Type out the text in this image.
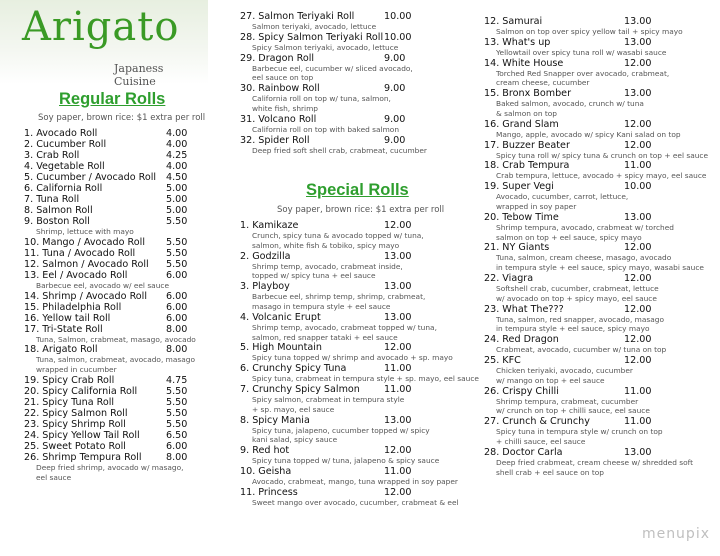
Arigato
Japaness Cuisine
Regular Rolls
Soy paper, brown rice: $1 extra per roll
Special Rolls
Soy paper, brown rice: $1 extra per roll
1. Avocado Roll	4.00
2. Cucumber Roll	4.00
3. Crab Roll	4.25
4. Vegetable Roll	4.00
5. Cucumber / Avocado Roll 4.50
6. California Roll	5.00
7. Tuna Roll	5.00
8. Salmon Roll	5.00
9. Boston Roll	5.50
Shrimp, lettuce with mayo
10. Mango / Avocado Roll 5.50
11. Tuna / Avocado Roll	5.50
12. Salmon / Avocado Roll 5.50
13. Eel / Avocado Roll	6.00
Barbecue eel, avocado w/ eel sauce
14. Shrimp / Avocado Roll 6.00
15. Philadelphia Roll	6.00
16. Yellow tail Roll	6.00
17. Tri-State Roll	8.00
Tuna, Salmon, crabmeat, masago, avocado
18. Arigato Roll	8.00
Tuna, salmon, crabmeat, avocado, masago
wrapped in cucumber
19. Spicy Crab Roll	4.75
20. Spicy California Roll	5.50
21. Spicy Tuna Roll	5.50
22. Spicy Salmon Roll	5.50
23. Spicy Shrimp Roll	5.50
24. Spicy Yellow Tail Roll	6.50
25. Sweet Potato Roll	6.00
26. Shrimp Tempura Roll	8.00
Deep fried shrimp, avocado w/ masago,
eel sauce
27. Salmon Teriyaki Roll	10.00
Salmon teriyaki, avocado, lettuce
28. Spicy Salmon Teriyaki Roll 10.00
Spicy Salmon teriyaki, avocado, lettuce
29. Dragon Roll	9.00
Barbecue eel, cucumber w/ sliced avocado,
eel sauce on top
30. Rainbow Roll	9.00
California roll on top w/ tuna, salmon,
white fish, shrimp
31. Volcano Roll	9.00
California roll on top with baked salmon
32. Spider Roll	9.00
Deep fried soft shell crab, crabmeat, cucumber
1. Kamikaze	12.00
Crunch, spicy tuna & avocado topped w/ tuna,
salmon, white fish & tobiko, spicy mayo
2. Godzilla	13.00
Shrimp temp, avocado, crabmeat inside,
topped w/ spicy tuna + eel sauce
3. Playboy	13.00
Barbecue eel, shrimp temp, shrimp, crabmeat,
masago in tempura style + eel sauce
4. Volcanic Erupt	13.00
Shrimp temp, avocado, crabmeat topped w/ tuna,
salmon, red snapper tataki + eel sauce
5. High Mountain	12.00
Spicy tuna topped w/ shrimp and avocado + sp. mayo
6. Crunchy Spicy Tuna	11.00
Spicy tuna, crabmeat in tempura style + sp. mayo, eel sauce
7. Crunchy Spicy Salmon	11.00
Spicy salmon, crabmeat in tempura style
+ sp. mayo, eel sauce
8. Spicy Mania	13.00
Spicy tuna, jalapeno, cucumber topped w/ spicy
kani salad, spicy sauce
9. Red hot	12.00
Spicy tuna topped w/ tuna, jalapeno & spicy sauce
10. Geisha	11.00
Avocado, crabmeat, mango, tuna wrapped in soy paper
11. Princess	12.00
Sweet mango over avocado, cucumber, crabmeat & eel
12. Samurai	13.00
Salmon on top over spicy yellow tail + spicy mayo
13. What's up	13.00
Yellowtail over spicy tuna roll w/ wasabi sauce
14. White House	12.00
Torched Red Snapper over avocado, crabmeat,
cream cheese, cucumber
15. Bronx Bomber	13.00
Baked salmon, avocado, crunch w/ tuna
& salmon on top
16. Grand Slam	12.00
Mango, apple, avocado w/ spicy Kani salad on top
17. Buzzer Beater	12.00
Spicy tuna roll w/ spicy tuna & crunch on top + eel sauce
18. Crab Tempura	11.00
Crab tempura, lettuce, avocado + spicy mayo, eel sauce
19. Super Vegi	10.00
Avocado, cucumber, carrot, lettuce,
wrapped in soy paper
20. Tebow Time	13.00
Shrimp tempura, avocado, crabmeat w/ torched
salmon on top + eel sauce, spicy mayo
21. NY Giants	12.00
Tuna, salmon, cream cheese, masago, avocado
in tempura style + eel sauce, spicy mayo, wasabi sauce
22. Viagra	12.00
Softshell crab, cucumber, crabmeat, lettuce
w/ avocado on top + spicy mayo, eel sauce
23. What The???	12.00
Tuna, salmon, red snapper, avocado, masago
in tempura style + eel sauce, spicy mayo
24. Red Dragon	12.00
Crabmeat, avocado, cucumber w/ tuna on top
25. KFC	12.00
Chicken teriyaki, avocado, cucumber
w/ mango on top + eel sauce
26. Crispy Chilli	11.00
Shrimp tempura, crabmeat, cucumber
w/ crunch on top + chilli sauce, eel sauce
27. Crunch & Crunchy	11.00
Spicy tuna in tempura style w/ crunch on top
+ chilli sauce, eel sauce
28. Doctor Carla	13.00
Deep fried crabmeat, cream cheese w/ shredded soft
shell crab + eel sauce on top
menupix
